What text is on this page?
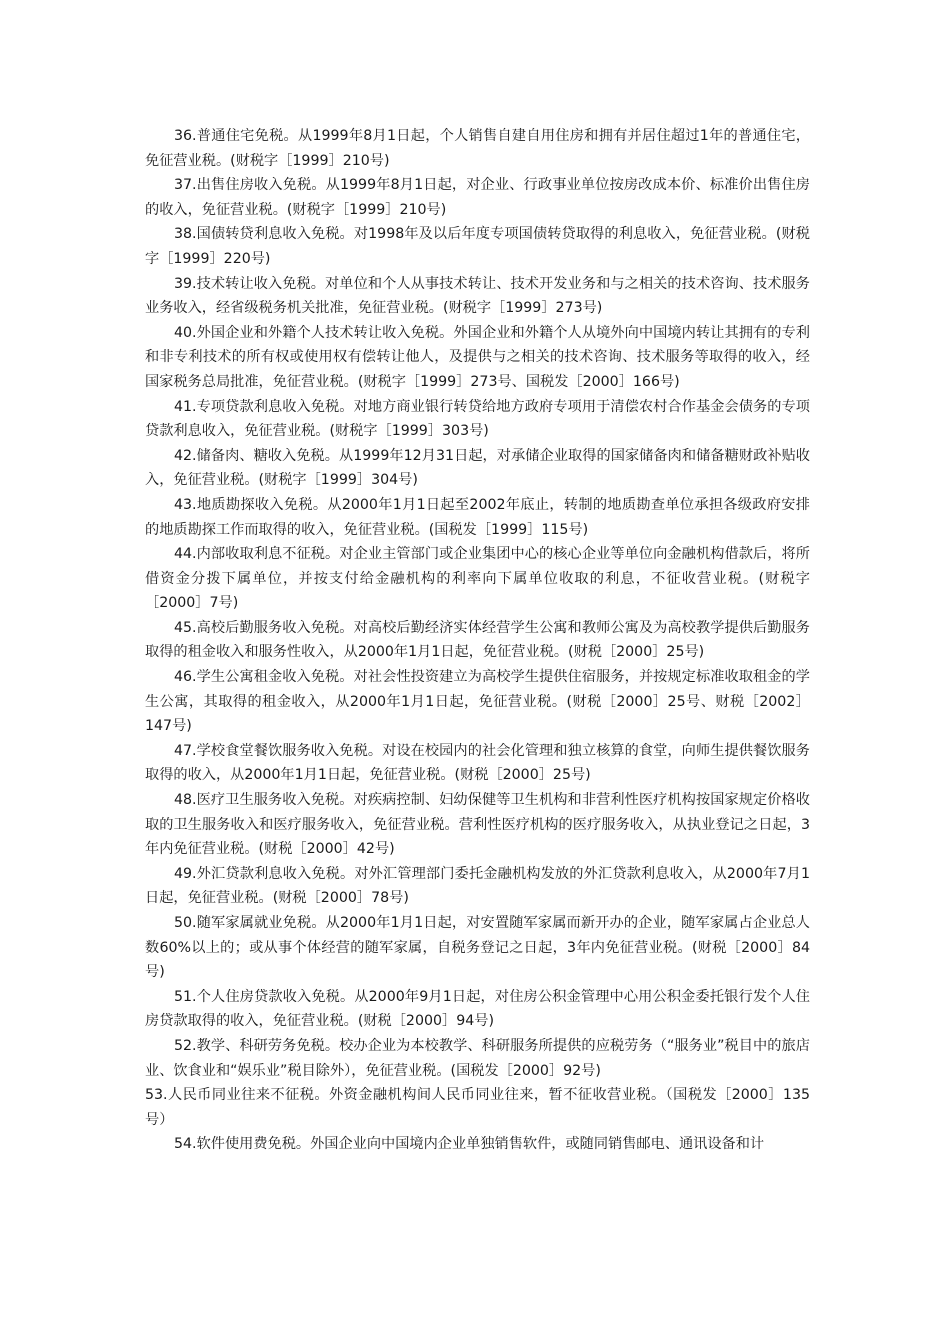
36.普通住宅免税。从1999年8月1日起，个人销售自建自用住房和拥有并居住超过1年的普通住宅，免征营业税。(财税字［1999］210号)

37.出售住房收入免税。从1999年8月1日起，对企业、行政事业单位按房改成本价、标准价出售住房的收入，免征营业税。(财税字［1999］210号)

38.国债转贷利息收入免税。对1998年及以后年度专项国债转贷取得的利息收入，免征营业税。(财税字［1999］220号)

39.技术转让收入免税。对单位和个人从事技术转让、技术开发业务和与之相关的技术咨询、技术服务业务收入，经省级税务机关批准，免征营业税。(财税字［1999］273号)

40.外国企业和外籍个人技术转让收入免税。外国企业和外籍个人从境外向中国境内转让其拥有的专利和非专利技术的所有权或使用权有偿转让他人，及提供与之相关的技术咨询、技术服务等取得的收入，经国家税务总局批准，免征营业税。(财税字［1999］273号、国税发［2000］166号)

41.专项贷款利息收入免税。对地方商业银行转贷给地方政府专项用于清偿农村合作基金会债务的专项贷款利息收入，免征营业税。(财税字［1999］303号)

42.储备肉、糖收入免税。从1999年12月31日起，对承储企业取得的国家储备肉和储备糖财政补贴收入，免征营业税。(财税字［1999］304号)

43.地质勘探收入免税。从2000年1月1日起至2002年底止，转制的地质勘查单位承担各级政府安排的地质勘探工作而取得的收入，免征营业税。(国税发［1999］115号)

44.内部收取利息不征税。对企业主管部门或企业集团中心的核心企业等单位向金融机构借款后，将所借资金分拨下属单位，并按支付给金融机构的利率向下属单位收取的利息，不征收营业税。(财税字［2000］7号)

45.高校后勤服务收入免税。对高校后勤经济实体经营学生公寓和教师公寓及为高校教学提供后勤服务取得的租金收入和服务性收入，从2000年1月1日起，免征营业税。(财税［2000］25号)

46.学生公寓租金收入免税。对社会性投资建立为高校学生提供住宿服务，并按规定标准收取租金的学生公寓，其取得的租金收入，从2000年1月1日起，免征营业税。(财税［2000］25号、财税［2002］147号)

47.学校食堂餐饮服务收入免税。对设在校园内的社会化管理和独立核算的食堂，向师生提供餐饮服务取得的收入，从2000年1月1日起，免征营业税。(财税［2000］25号)

48.医疗卫生服务收入免税。对疾病控制、妇幼保健等卫生机构和非营利性医疗机构按国家规定价格收取的卫生服务收入和医疗服务收入，免征营业税。营利性医疗机构的医疗服务收入，从执业登记之日起，3年内免征营业税。(财税［2000］42号)

49.外汇贷款利息收入免税。对外汇管理部门委托金融机构发放的外汇贷款利息收入，从2000年7月1日起，免征营业税。(财税［2000］78号)

50.随军家属就业免税。从2000年1月1日起，对安置随军家属而新开办的企业，随军家属占企业总人数60%以上的；或从事个体经营的随军家属，自税务登记之日起，3年内免征营业税。(财税［2000］84号)

51.个人住房贷款收入免税。从2000年9月1日起，对住房公积金管理中心用公积金委托银行发个人住房贷款取得的收入，免征营业税。(财税［2000］94号)

52.教学、科研劳务免税。校办企业为本校教学、科研服务所提供的应税劳务（“服务业”税目中的旅店业、饮食业和“娱乐业”税目除外），免征营业税。(国税发［2000］92号)

53.人民币同业往来不征税。外资金融机构间人民币同业往来，暂不征收营业税。（国税发［2000］135号）

54.软件使用费免税。外国企业向中国境内企业单独销售软件，或随同销售邮电、通讯设备和计
